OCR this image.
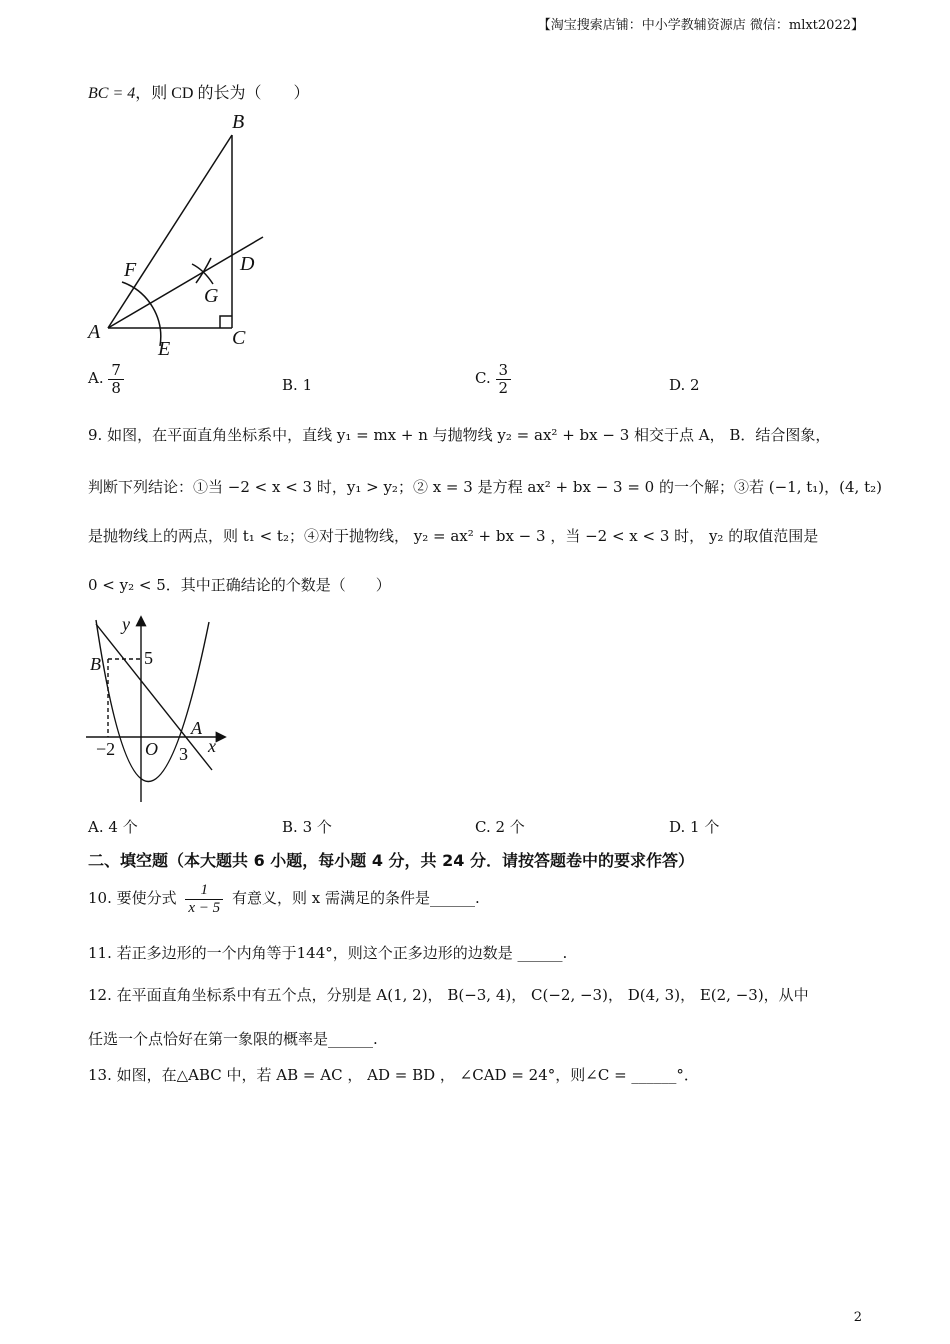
【淘宝搜索店铺：中小学教辅资源店 微信：mlxt2022】
BC = 4，则 CD 的长为（　　）
B
F	D
G
A
E	C
A. $\frac{7}{8}$	B. 1	C. $\frac{3}{2}$	D. 2
9. 如图，在平面直角坐标系中，直线 y₁ = mx + n 与抛物线 y₂ = ax² + bx − 3 相交于点 A， B．结合图象，
判断下列结论：①当 −2 < x < 3 时，y₁ > y₂；② x = 3 是方程 ax² + bx − 3 = 0 的一个解；③若 (−1, t₁)，(4, t₂)
是抛物线上的两点，则 t₁ < t₂；④对于抛物线， y₂ = ax² + bx − 3 ，当 −2 < x < 3 时， y₂ 的取值范围是
0 < y₂ < 5．其中正确结论的个数是（　　）
y
B 5
A
x
−2 O 3
A. 4 个	B. 3 个	C. 2 个	D. 1 个
二、填空题（本大题共 6 小题，每小题 4 分，共 24 分．请按答题卷中的要求作答）
10. 要使分式 $\frac{1}{x - 5}$ 有意义，则 x 需满足的条件是______.
11. 若正多边形的一个内角等于144°，则这个正多边形的边数是 ______.
12. 在平面直角坐标系中有五个点，分别是 A(1, 2)， B(−3, 4)， C(−2, −3)， D(4, 3)， E(2, −3)，从中
任选一个点恰好在第一象限的概率是______.
13. 如图，在△ABC 中，若 AB = AC ， AD = BD ， ∠CAD = 24°，则∠C = ______°．
2
